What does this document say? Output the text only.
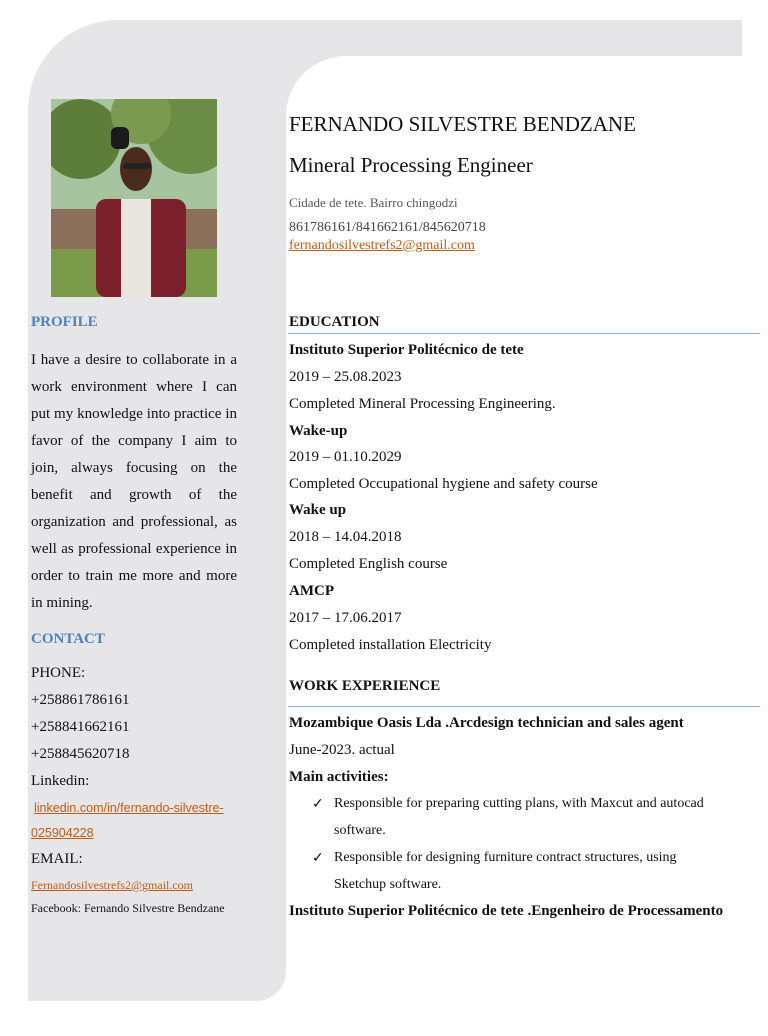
PROFILE
I have a desire to collaborate in a
work environment where I can
put my knowledge into practice in
favor of the company I aim to
join, always focusing on the
benefit and growth of the
organization and professional, as
well as professional experience in
order to train me more and more
in mining.
CONTACT
PHONE:
+258861786161
+258841662161
+258845620718
Linkedin:
linkedin.com/in/fernando-silvestre-
025904228
EMAIL:
Fernandosilvestrefs2@gmail.com
Facebook: Fernando Silvestre Bendzane
FERNANDO SILVESTRE BENDZANE
Mineral Processing Engineer
Cidade de tete. Bairro chingodzi
861786161/841662161/845620718
fernandosilvestrefs2@gmail.com
EDUCATION
Instituto Superior Politécnico de tete
2019 – 25.08.2023
Completed Mineral Processing Engineering.
Wake-up
2019 – 01.10.2029
Completed Occupational hygiene and safety course
Wake up
2018 – 14.04.2018
Completed English course
AMCP
2017 – 17.06.2017
Completed installation Electricity
WORK EXPERIENCE
Mozambique Oasis Lda .Arcdesign technician and sales agent
June-2023. actual
Main activities:
✓ Responsible for preparing cutting plans, with Maxcut and autocad
software.
✓ Responsible for designing furniture contract structures, using
Sketchup software.
Instituto Superior Politécnico de tete .Engenheiro de Processamento
